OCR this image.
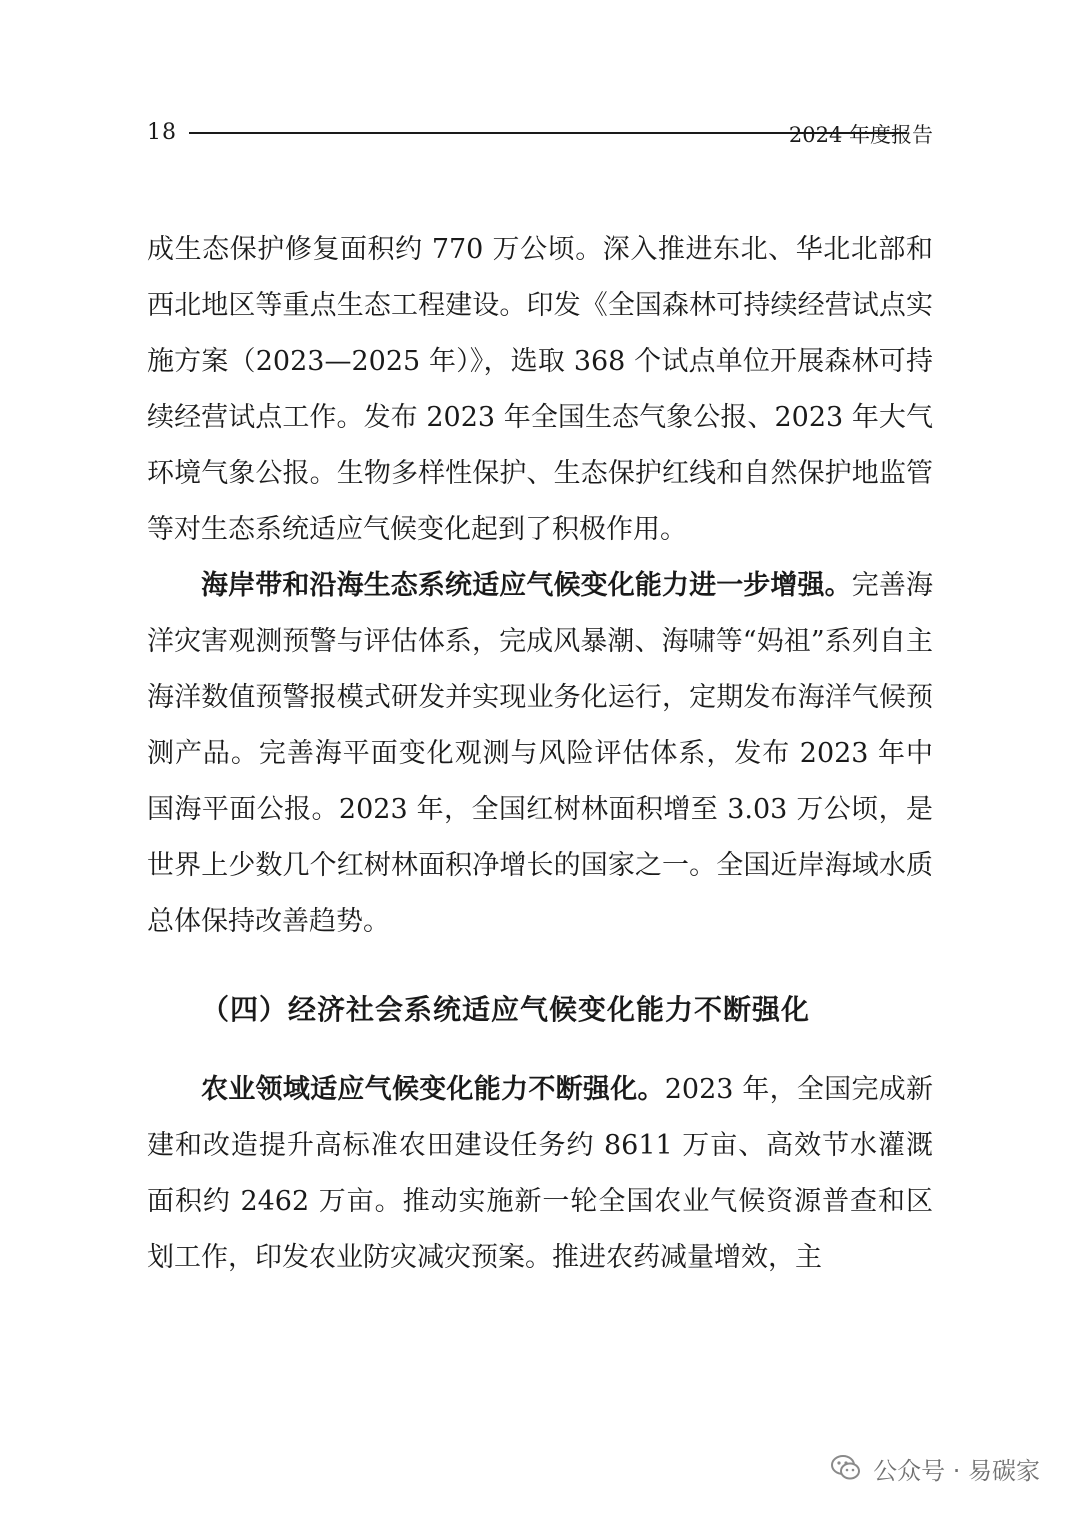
18	2024 年度报告

成生态保护修复面积约 770 万公顷。深入推进东北、华北北部和西北地区等重点生态工程建设。印发《全国森林可持续经营试点实施方案（2023—2025 年）》，选取 368 个试点单位开展森林可持续经营试点工作。发布 2023 年全国生态气象公报、2023 年大气环境气象公报。生物多样性保护、生态保护红线和自然保护地监管等对生态系统适应气候变化起到了积极作用。

海岸带和沿海生态系统适应气候变化能力进一步增强。完善海洋灾害观测预警与评估体系，完成风暴潮、海啸等“妈祖”系列自主海洋数值预警报模式研发并实现业务化运行，定期发布海洋气候预测产品。完善海平面变化观测与风险评估体系，发布 2023 年中国海平面公报。2023 年，全国红树林面积增至 3.03 万公顷，是世界上少数几个红树林面积净增长的国家之一。全国近岸海域水质总体保持改善趋势。

（四）经济社会系统适应气候变化能力不断强化

农业领域适应气候变化能力不断强化。2023 年，全国完成新建和改造提升高标准农田建设任务约 8611 万亩、高效节水灌溉面积约 2462 万亩。推动实施新一轮全国农业气候资源普查和区划工作，印发农业防灾减灾预案。推进农药减量增效，主

公众号 · 易碳家
